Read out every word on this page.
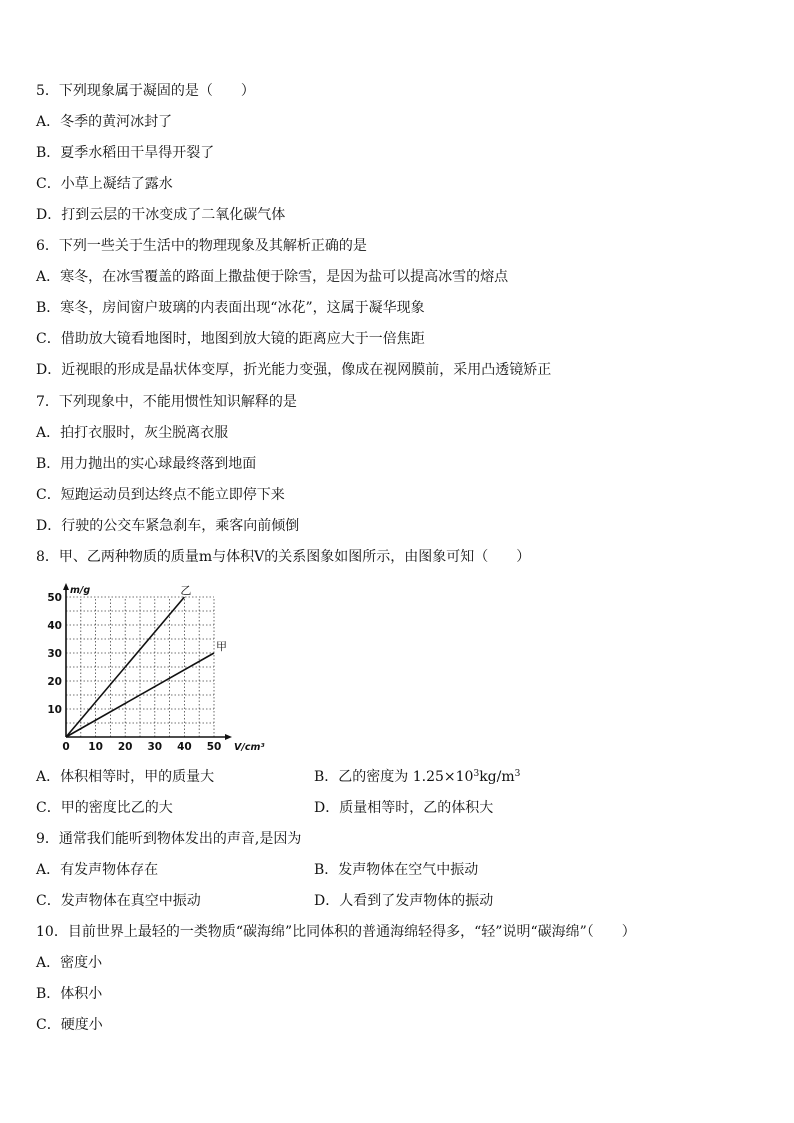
5．下列现象属于凝固的是（　　）
A．冬季的黄河冰封了
B．夏季水稻田干旱得开裂了
C．小草上凝结了露水
D．打到云层的干冰变成了二氧化碳气体
6．下列一些关于生活中的物理现象及其解析正确的是
A．寒冬，在冰雪覆盖的路面上撒盐便于除雪，是因为盐可以提高冰雪的熔点
B．寒冬，房间窗户玻璃的内表面出现“冰花”，这属于凝华现象
C．借助放大镜看地图时，地图到放大镜的距离应大于一倍焦距
D．近视眼的形成是晶状体变厚，折光能力变强，像成在视网膜前，采用凸透镜矫正
7．下列现象中，不能用惯性知识解释的是
A．拍打衣服时，灰尘脱离衣服
B．用力抛出的实心球最终落到地面
C．短跑运动员到达终点不能立即停下来
D．行驶的公交车紧急刹车，乘客向前倾倒
8．甲、乙两种物质的质量m与体积V的关系图象如图所示，由图象可知（　　）
0 10 20 30 40 50
10
20
30
40
50
m/g
V/cm³
乙
甲
A．体积相等时，甲的质量大	B．乙的密度为 $1.25\times 10^3kg/m^3$
C．甲的密度比乙的大	D．质量相等时，乙的体积大
9．通常我们能听到物体发出的声音,是因为
A．有发声物体存在	B．发声物体在空气中振动
C．发声物体在真空中振动	D．人看到了发声物体的振动
10．目前世界上最轻的一类物质“碳海绵”比同体积的普通海绵轻得多，“轻”说明“碳海绵”（　　）
A．密度小
B．体积小
C．硬度小
